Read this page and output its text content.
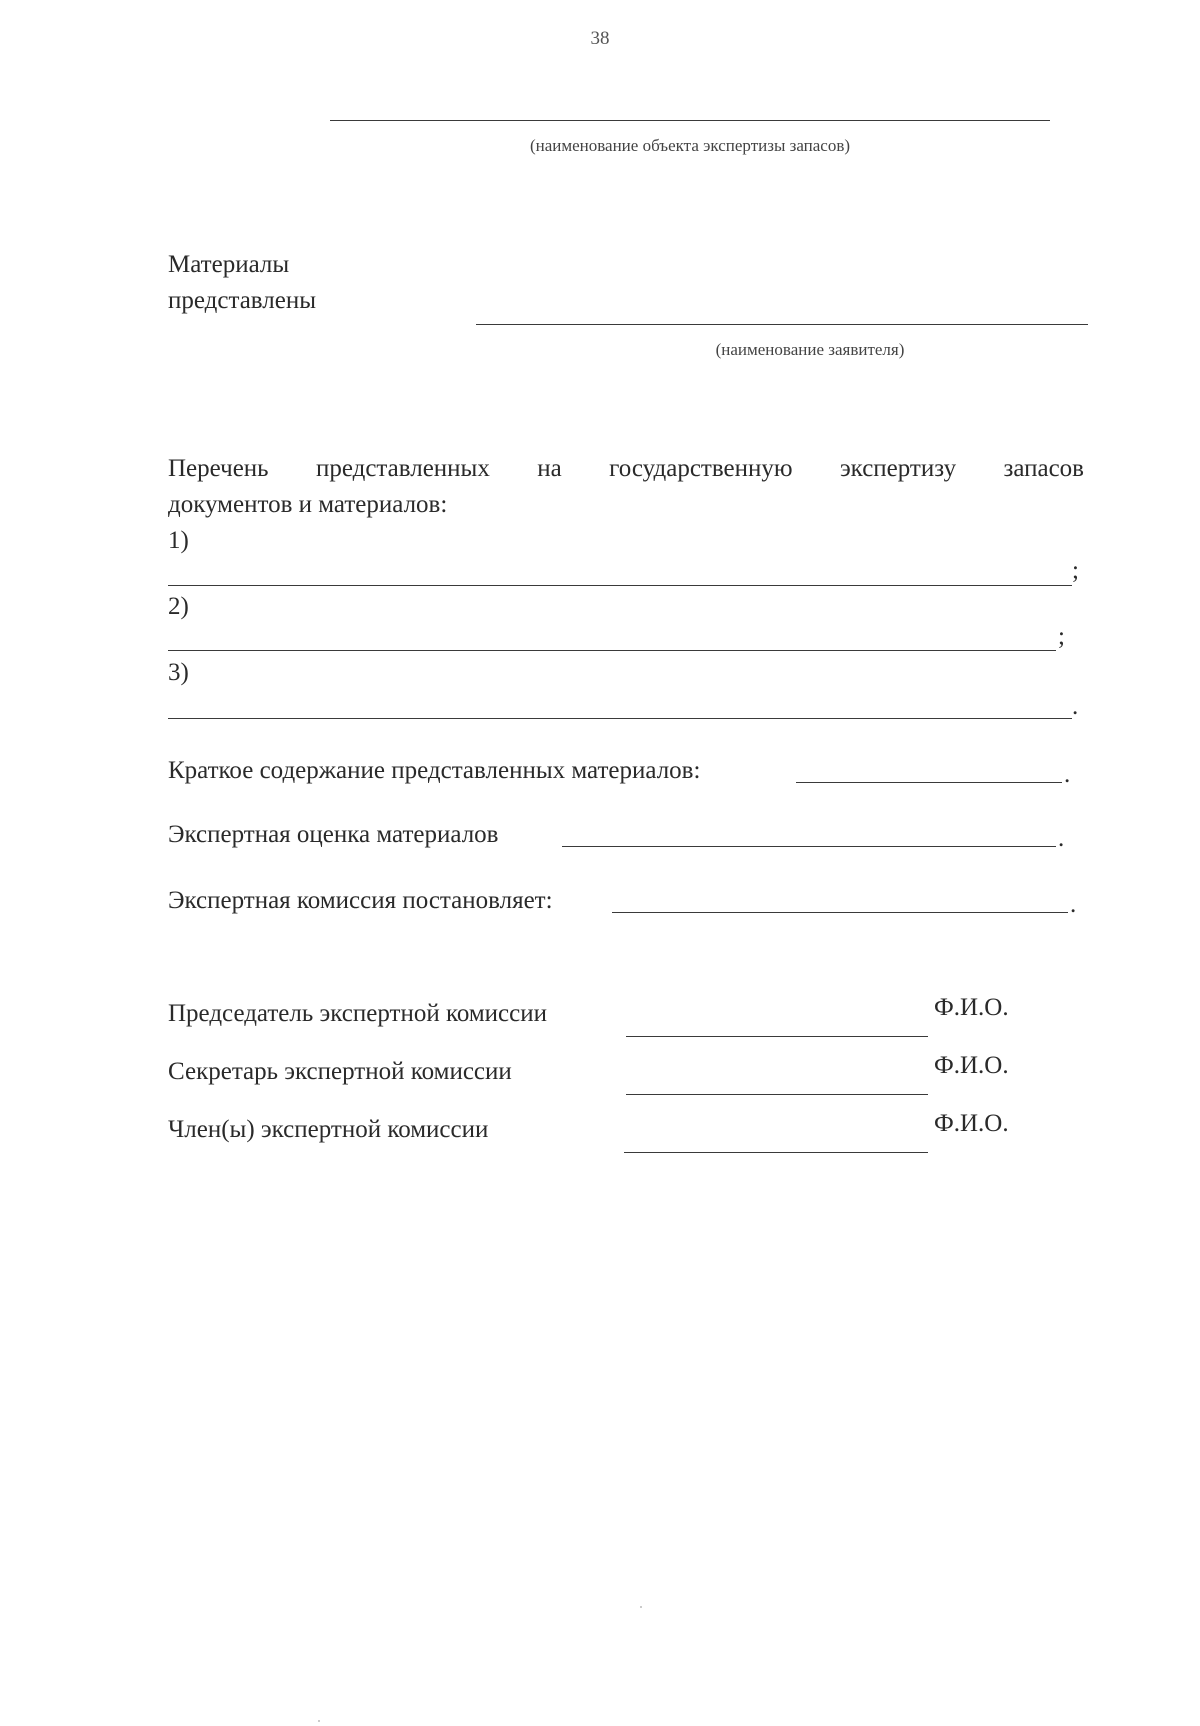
38
(наименование объекта экспертизы запасов)
Материалы
представлены
(наименование заявителя)
Перечень представленных на государственную экспертизу запасов
документов и материалов:
1)
;
2)
;
3)
.
Краткое содержание представленных материалов:	.
Экспертная оценка материалов	.
Экспертная комиссия постановляет:	.
Председатель экспертной комиссии	Ф.И.О.
Секретарь экспертной комиссии	Ф.И.О.
Член(ы) экспертной комиссии	Ф.И.О.
